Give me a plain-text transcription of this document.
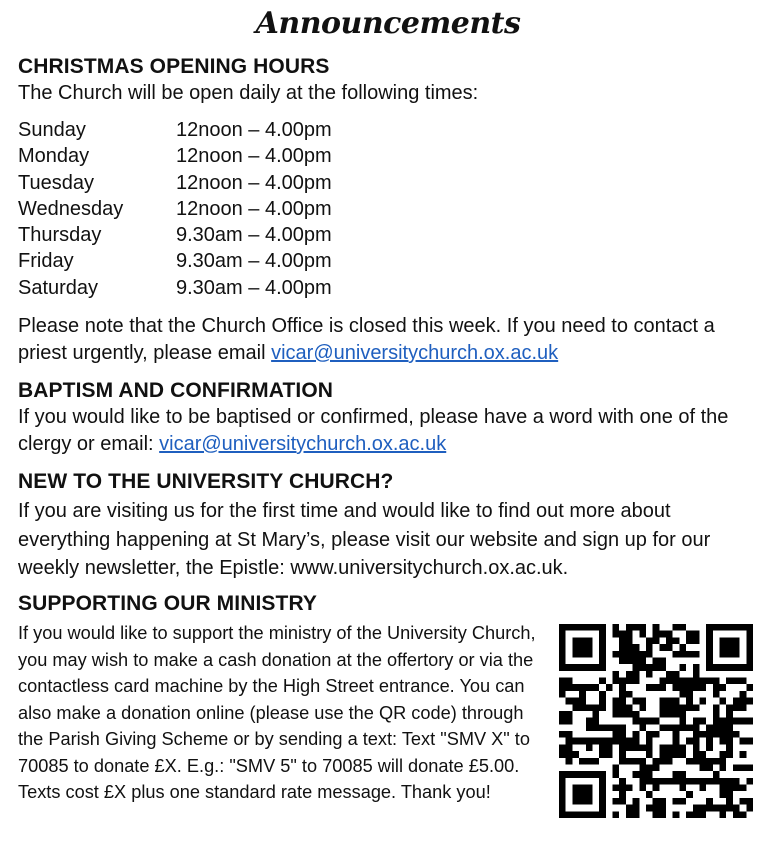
Announcements
CHRISTMAS OPENING HOURS
The Church will be open daily at the following times:
Sunday	12noon – 4.00pm
Monday	12noon – 4.00pm
Tuesday	12noon – 4.00pm
Wednesday	12noon – 4.00pm
Thursday	9.30am – 4.00pm
Friday	9.30am – 4.00pm
Saturday	9.30am – 4.00pm
Please note that the Church Office is closed this week. If you need to contact a priest urgently, please email vicar@universitychurch.ox.ac.uk
BAPTISM AND CONFIRMATION
If you would like to be baptised or confirmed, please have a word with one of the clergy or email: vicar@universitychurch.ox.ac.uk
NEW TO THE UNIVERSITY CHURCH?
If you are visiting us for the first time and would like to find out more about everything happening at St Mary’s, please visit our website and sign up for our weekly newsletter, the Epistle: www.universitychurch.ox.ac.uk.
SUPPORTING OUR MINISTRY
If you would like to support the ministry of the University Church, you may wish to make a cash donation at the offertory or via the contactless card machine by the High Street entrance. You can also make a donation online (please use the QR code) through the Parish Giving Scheme or by sending a text: Text "SMV X" to 70085 to donate £X. E.g.: "SMV 5" to 70085 will donate £5.00. Texts cost £X plus one standard rate message. Thank you!
